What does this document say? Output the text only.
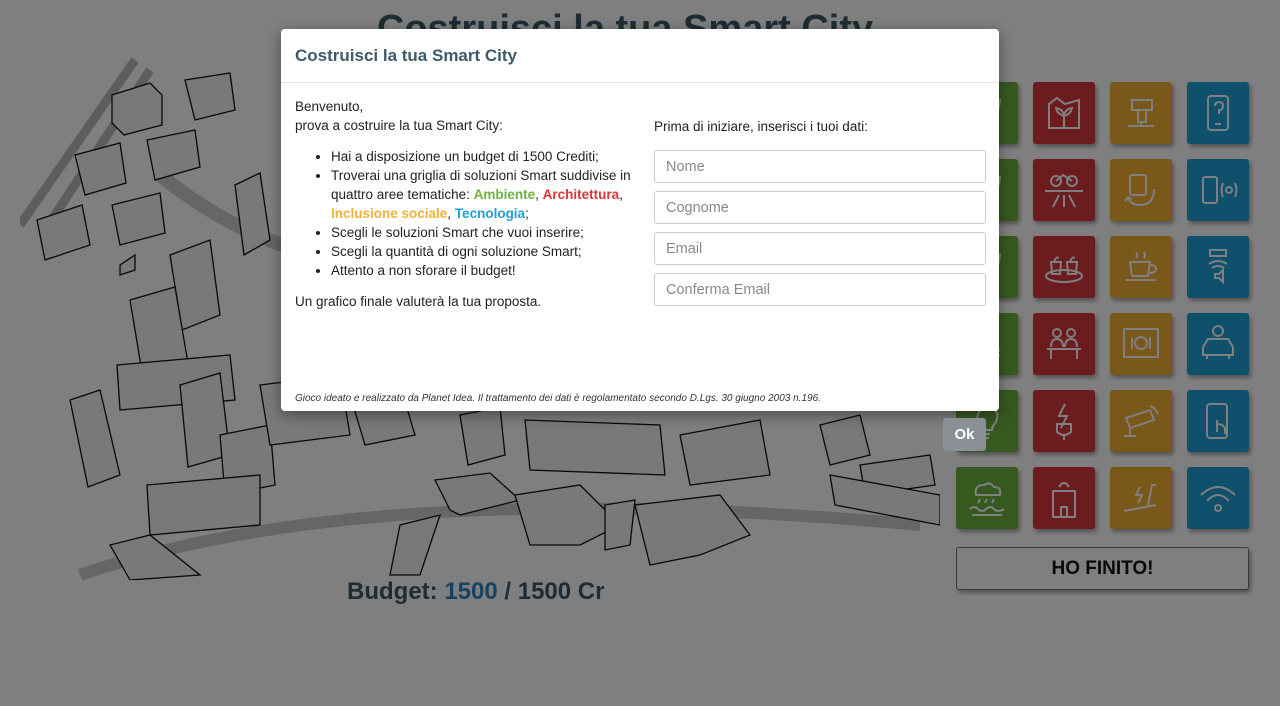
Costruisci la tua Smart City

Benvenuto,

prova a costruire la tua Smart City:

• Hai a disposizione un budget di 1500 Crediti;
• Troverai una griglia di soluzioni Smart suddivise in quattro aree tematiche: Ambiente, Architettura, Inclusione sociale, Tecnologia;
• Scegli le soluzioni Smart che vuoi inserire;
• Scegli la quantità di ogni soluzione Smart;
• Attento a non sforare il budget!

Un grafico finale valuterà la tua proposta.

Prima di iniziare, inserisci i tuoi dati:

Nome
Cognome
Email
Conferma Email
Gioco ideato e realizzato da Planet Idea. Il trattamento dei dati è regolamentato secondo D.Lgs. 30 giugno 2003 n.196.
Ok
